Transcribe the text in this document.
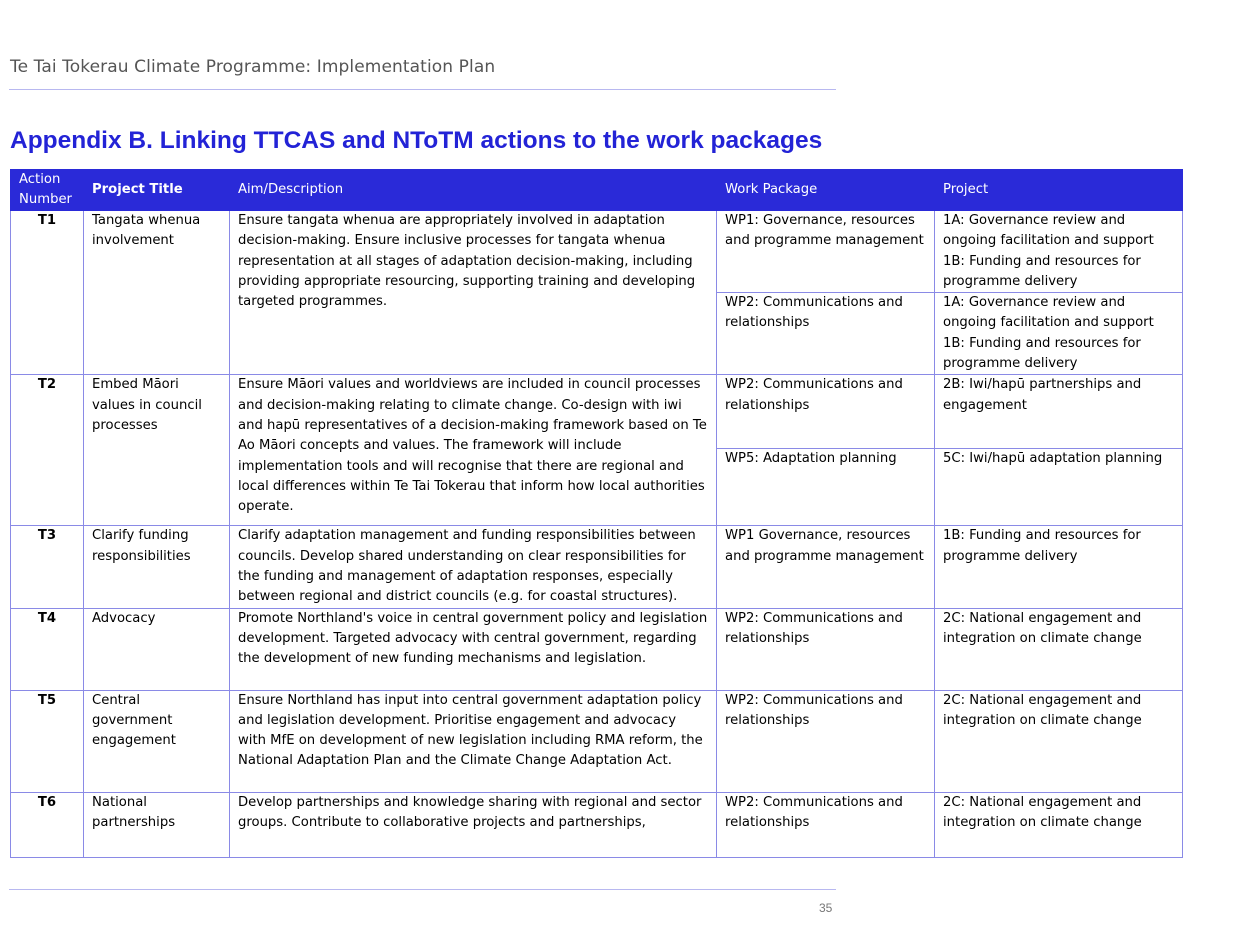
Te Tai Tokerau Climate Programme: Implementation Plan
Appendix B. Linking TTCAS and NToTM actions to the work packages
Action Number	Project Title	Aim/Description	Work Package	Project
T1	Tangata whenua involvement	Ensure tangata whenua are appropriately involved in adaptation decision-making. Ensure inclusive processes for tangata whenua representation at all stages of adaptation decision-making, including providing appropriate resourcing, supporting training and developing targeted programmes.	WP1: Governance, resources and programme management	1A: Governance review and ongoing facilitation and support 1B: Funding and resources for programme delivery
			WP2: Communications and relationships	1A: Governance review and ongoing facilitation and support 1B: Funding and resources for programme delivery
T2	Embed Māori values in council processes	Ensure Māori values and worldviews are included in council processes and decision-making relating to climate change. Co-design with iwi and hapū representatives of a decision-making framework based on Te Ao Māori concepts and values. The framework will include implementation tools and will recognise that there are regional and local differences within Te Tai Tokerau that inform how local authorities operate.	WP2: Communications and relationships	2B: Iwi/hapū partnerships and engagement
			WP5: Adaptation planning	5C: Iwi/hapū adaptation planning
T3	Clarify funding responsibilities	Clarify adaptation management and funding responsibilities between councils. Develop shared understanding on clear responsibilities for the funding and management of adaptation responses, especially between regional and district councils (e.g. for coastal structures).	WP1 Governance, resources and programme management	1B: Funding and resources for programme delivery
T4	Advocacy	Promote Northland's voice in central government policy and legislation development. Targeted advocacy with central government, regarding the development of new funding mechanisms and legislation.	WP2: Communications and relationships	2C: National engagement and integration on climate change
T5	Central government engagement	Ensure Northland has input into central government adaptation policy and legislation development. Prioritise engagement and advocacy with MfE on development of new legislation including RMA reform, the National Adaptation Plan and the Climate Change Adaptation Act.	WP2: Communications and relationships	2C: National engagement and integration on climate change
T6	National partnerships	Develop partnerships and knowledge sharing with regional and sector groups. Contribute to collaborative projects and partnerships,	WP2: Communications and relationships	2C: National engagement and integration on climate change
35
